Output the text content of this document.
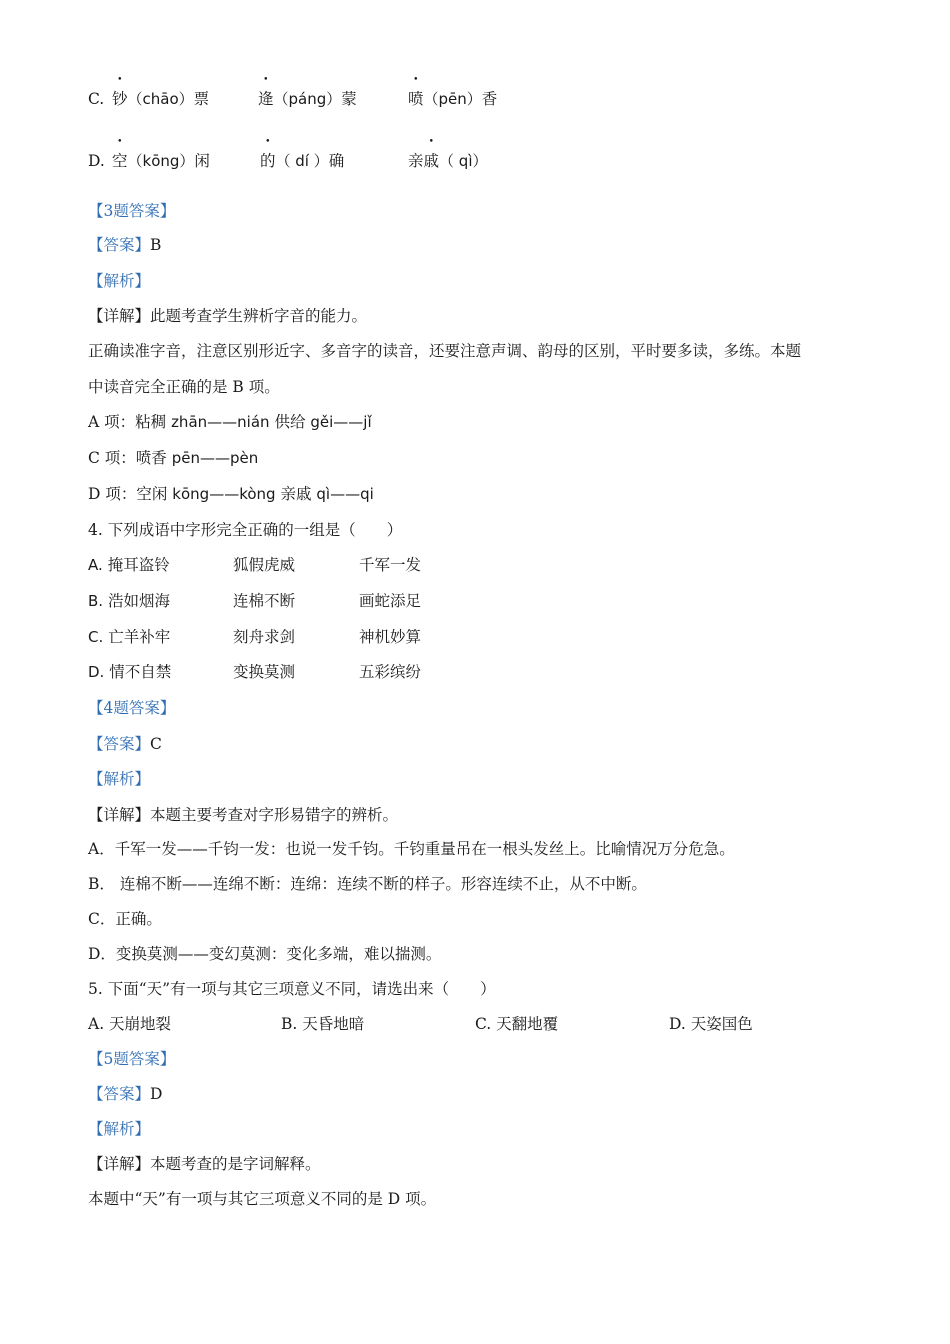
C. 钞（chāo）票	逄（páng）蒙	喷（pēn）香
D. 空（kōng）闲	的（ dí ）确	亲戚（ qì）
【3题答案】
【答案】B
【解析】
【详解】此题考查学生辨析字音的能力。
正确读准字音，注意区别形近字、多音字的读音，还要注意声调、韵母的区别，平时要多读，多练。本题
中读音完全正确的是 B 项。
A 项：粘稠 zhān——nián 供给 gěi——jǐ
C 项：喷香 pēn——pèn
D 项：空闲 kōng——kòng 亲戚 qì——qi
4. 下列成语中字形完全正确的一组是（　　）
A. 掩耳盗铃	狐假虎威	千军一发
B. 浩如烟海	连棉不断	画蛇添足
C. 亡羊补牢	刻舟求剑	神机妙算
D. 情不自禁	变换莫测	五彩缤纷
【4题答案】
【答案】C
【解析】
【详解】本题主要考查对字形易错字的辨析。
A．千军一发——千钧一发：也说一发千钧。千钧重量吊在一根头发丝上。比喻情况万分危急。
B． 连棉不断——连绵不断：连绵：连续不断的样子。形容连续不止，从不中断。
C．正确。
D．变换莫测——变幻莫测：变化多端，难以揣测。
5. 下面“天”有一项与其它三项意义不同，请选出来（　　）
A. 天崩地裂	B. 天昏地暗	C. 天翻地覆	D. 天姿国色
【5题答案】
【答案】D
【解析】
【详解】本题考查的是字词解释。
本题中“天”有一项与其它三项意义不同的是 D 项。
